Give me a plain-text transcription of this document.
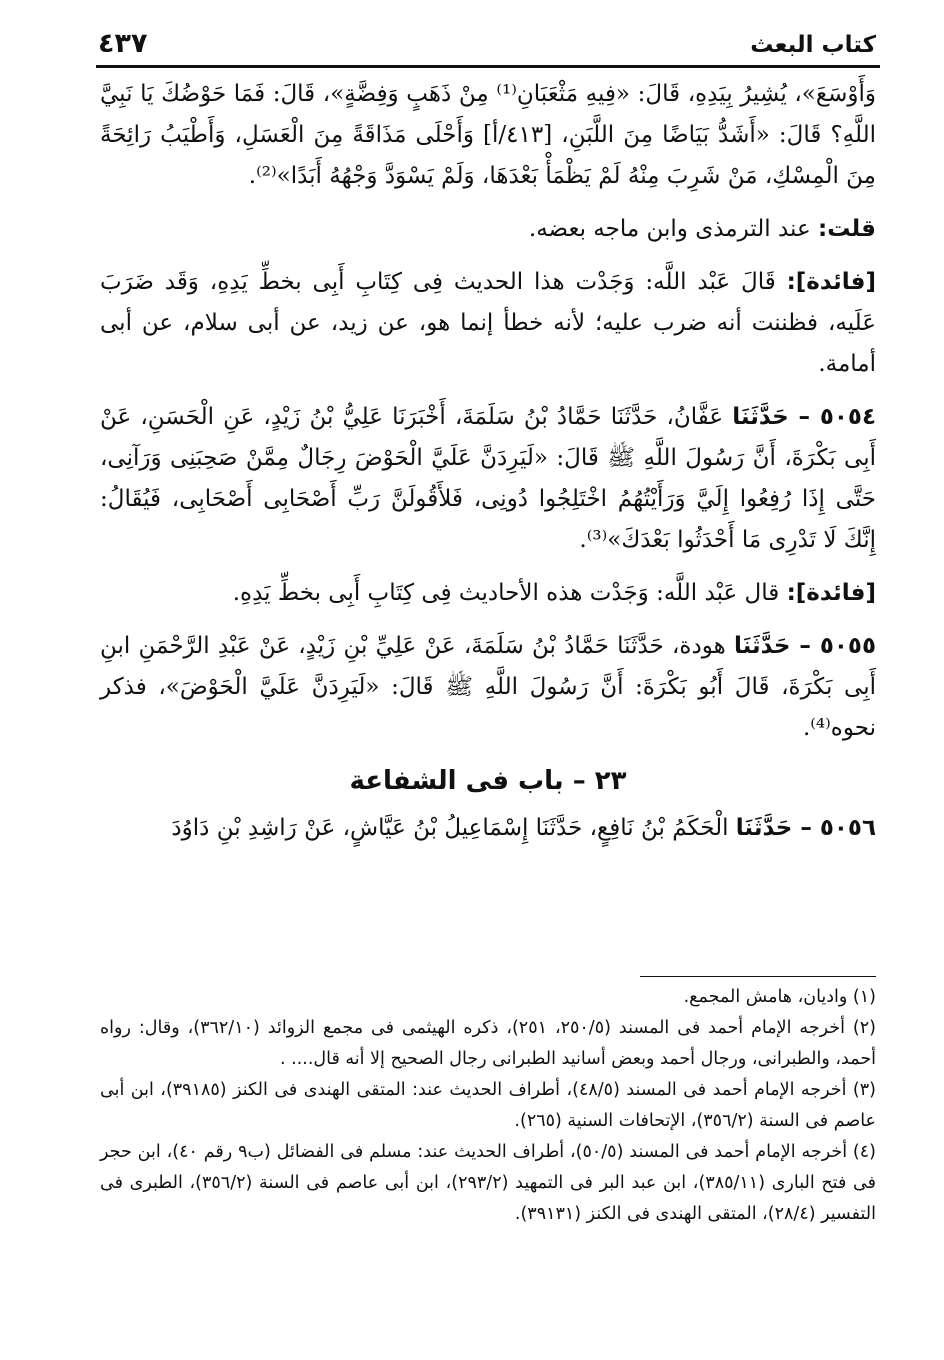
كتاب البعث
٤٣٧

وَأَوْسَعَ»، يُشِيرُ بِيَدِهِ، قَالَ: «فِيهِ مَثْعَبَانِ⁽¹⁾ مِنْ ذَهَبٍ وَفِضَّةٍ»، قَالَ: فَمَا حَوْضُكَ يَا نَبِيَّ اللَّهِ؟ قَالَ: «أَشَدُّ بَيَاضًا مِنَ اللَّبَنِ، [٤١٣/أ] وَأَحْلَى مَذَاقَةً مِنَ الْعَسَلِ، وَأَطْيَبُ رَائِحَةً مِنَ الْمِسْكِ، مَنْ شَرِبَ مِنْهُ لَمْ يَظْمَأْ بَعْدَهَا، وَلَمْ يَسْوَدَّ وَجْهُهُ أَبَدًا»⁽²⁾.

قلت: عند الترمذى وابن ماجه بعضه.

[فائدة]: قَالَ عَبْد اللَّه: وَجَدْت هذا الحديث فِى كِتَابِ أَبِى بخطِّ يَدِهِ، وَقَد ضَرَبَ عَلَيه، فظننت أنه ضرب عليه؛ لأنه خطأ إنما هو، عن زيد، عن أبى سلام، عن أبى أمامة.

٥٠٥٤ – حَدَّثَنَا عَفَّانُ، حَدَّثَنَا حَمَّادُ بْنُ سَلَمَةَ، أَخْبَرَنَا عَلِيُّ بْنُ زَيْدٍ، عَنِ الْحَسَنِ، عَنْ أَبِى بَكْرَةَ، أَنَّ رَسُولَ اللَّهِ ﷺ قَالَ: «لَيَرِدَنَّ عَلَيَّ الْحَوْضَ رِجَالٌ مِمَّنْ صَحِبَنِى وَرَآنِى، حَتَّى إِذَا رُفِعُوا إِلَيَّ وَرَأَيْتُهُمُ اخْتَلِجُوا دُونِى، فَلأَقُولَنَّ رَبِّ أَصْحَابِى أَصْحَابِى، فَيُقَالُ: إِنَّكَ لَا تَدْرِى مَا أَحْدَثُوا بَعْدَكَ»⁽³⁾.

[فائدة]: قال عَبْد اللَّه: وَجَدْت هذه الأحاديث فِى كِتَابِ أَبِى بخطِّ يَدِهِ.

٥٠٥٥ – حَدَّثَنَا هودة، حَدَّثَنَا حَمَّادُ بْنُ سَلَمَةَ، عَنْ عَلِيِّ بْنِ زَيْدٍ، عَنْ عَبْدِ الرَّحْمَنِ ابنِ أَبِى بَكْرَةَ، قَالَ أَبُو بَكْرَةَ: أَنَّ رَسُولَ اللَّهِ ﷺ قَالَ: «لَيَرِدَنَّ عَلَيَّ الْحَوْضَ»، فذكر نحوه⁽⁴⁾.

٢٣ – باب فى الشفاعة

٥٠٥٦ – حَدَّثَنَا الْحَكَمُ بْنُ نَافِعٍ، حَدَّثَنَا إِسْمَاعِيلُ بْنُ عَيَّاشٍ، عَنْ رَاشِدِ بْنِ دَاوُدَ

(١) واديان، هامش المجمع.

(٢) أخرجه الإمام أحمد فى المسند (٢٥٠/٥، ٢٥١)، ذكره الهيثمى فى مجمع الزوائد (٣٦٢/١٠)، وقال: رواه أحمد، والطبرانى، ورجال أحمد وبعض أسانيد الطبرانى رجال الصحيح إلا أنه قال.... .

(٣) أخرجه الإمام أحمد فى المسند (٤٨/٥)، أطراف الحديث عند: المتقى الهندى فى الكنز (٣٩١٨٥)، ابن أبى عاصم فى السنة (٣٥٦/٢)، الإتحافات السنية (٢٦٥).

(٤) أخرجه الإمام أحمد فى المسند (٥٠/٥)، أطراف الحديث عند: مسلم فى الفضائل (ب٩ رقم ٤٠)، ابن حجر فى فتح البارى (٣٨٥/١١)، ابن عبد البر فى التمهيد (٢٩٣/٢)، ابن أبى عاصم فى السنة (٣٥٦/٢)، الطبرى فى التفسير (٢٨/٤)، المتقى الهندى فى الكنز (٣٩١٣١).
